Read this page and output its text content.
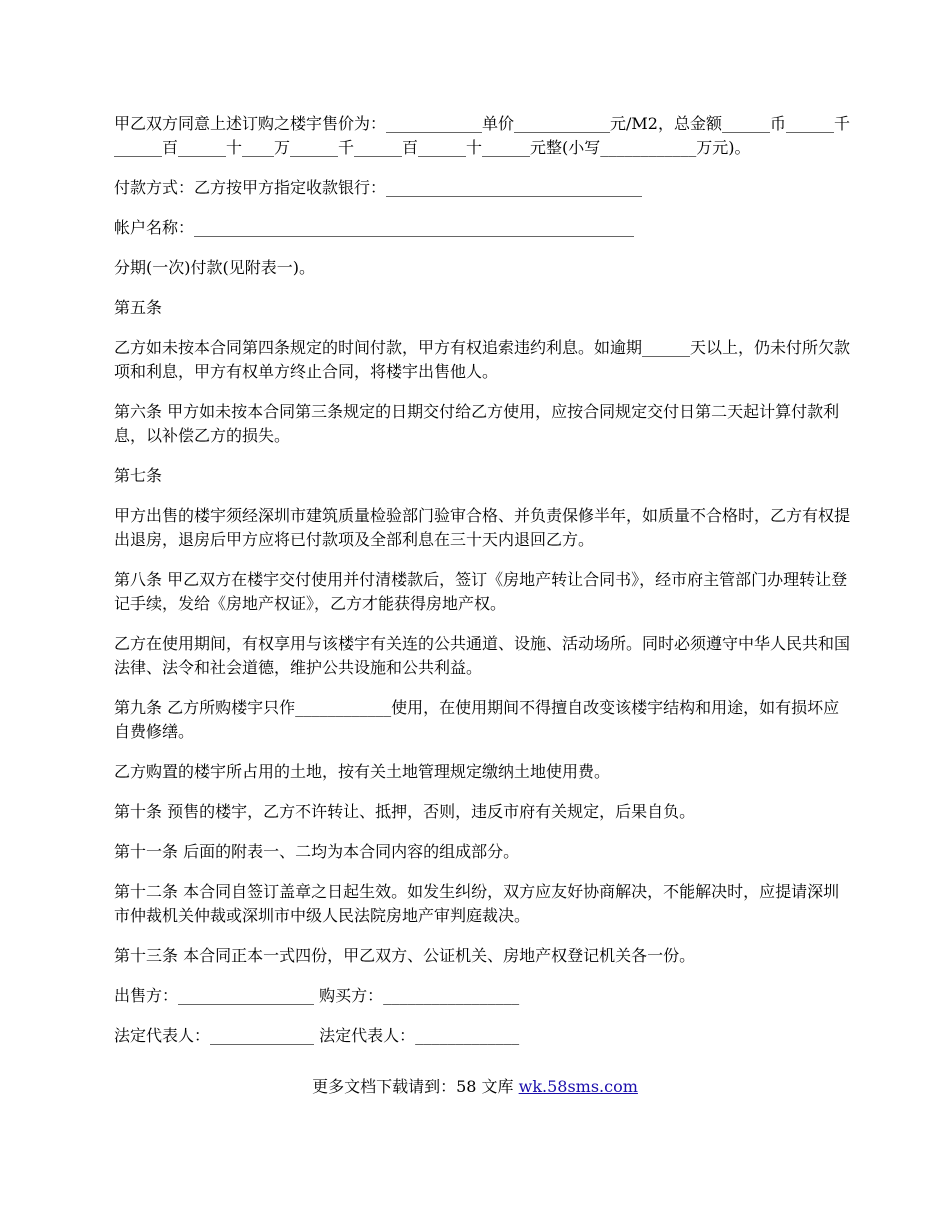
甲乙双方同意上述订购之楼宇售价为：____________单价____________元/M2，总金额______币______千______百______十____万______千______百______十______元整(小写____________万元)。

付款方式：乙方按甲方指定收款银行：________________________________

帐户名称：_______________________________________________________

分期(一次)付款(见附表一)。

第五条

乙方如未按本合同第四条规定的时间付款，甲方有权追索违约利息。如逾期______天以上，仍未付所欠款项和利息，甲方有权单方终止合同，将楼宇出售他人。

第六条 甲方如未按本合同第三条规定的日期交付给乙方使用，应按合同规定交付日第二天起计算付款利息，以补偿乙方的损失。

第七条

甲方出售的楼宇须经深圳市建筑质量检验部门验审合格、并负责保修半年，如质量不合格时，乙方有权提出退房，退房后甲方应将已付款项及全部利息在三十天内退回乙方。

第八条 甲乙双方在楼宇交付使用并付清楼款后，签订《房地产转让合同书》，经市府主管部门办理转让登记手续，发给《房地产权证》，乙方才能获得房地产权。

乙方在使用期间，有权享用与该楼宇有关连的公共通道、设施、活动场所。同时必须遵守中华人民共和国法律、法令和社会道德，维护公共设施和公共利益。

第九条 乙方所购楼宇只作____________使用，在使用期间不得擅自改变该楼宇结构和用途，如有损坏应自费修缮。

乙方购置的楼宇所占用的土地，按有关土地管理规定缴纳土地使用费。

第十条 预售的楼宇，乙方不许转让、抵押，否则，违反市府有关规定，后果自负。

第十一条 后面的附表一、二均为本合同内容的组成部分。

第十二条 本合同自签订盖章之日起生效。如发生纠纷，双方应友好协商解决，不能解决时，应提请深圳市仲裁机关仲裁或深圳市中级人民法院房地产审判庭裁决。

第十三条 本合同正本一式四份，甲乙双方、公证机关、房地产权登记机关各一份。

出售方：_________________ 购买方：_________________

法定代表人：_____________ 法定代表人：_____________

更多文档下载请到：58 文库 wk.58sms.com
